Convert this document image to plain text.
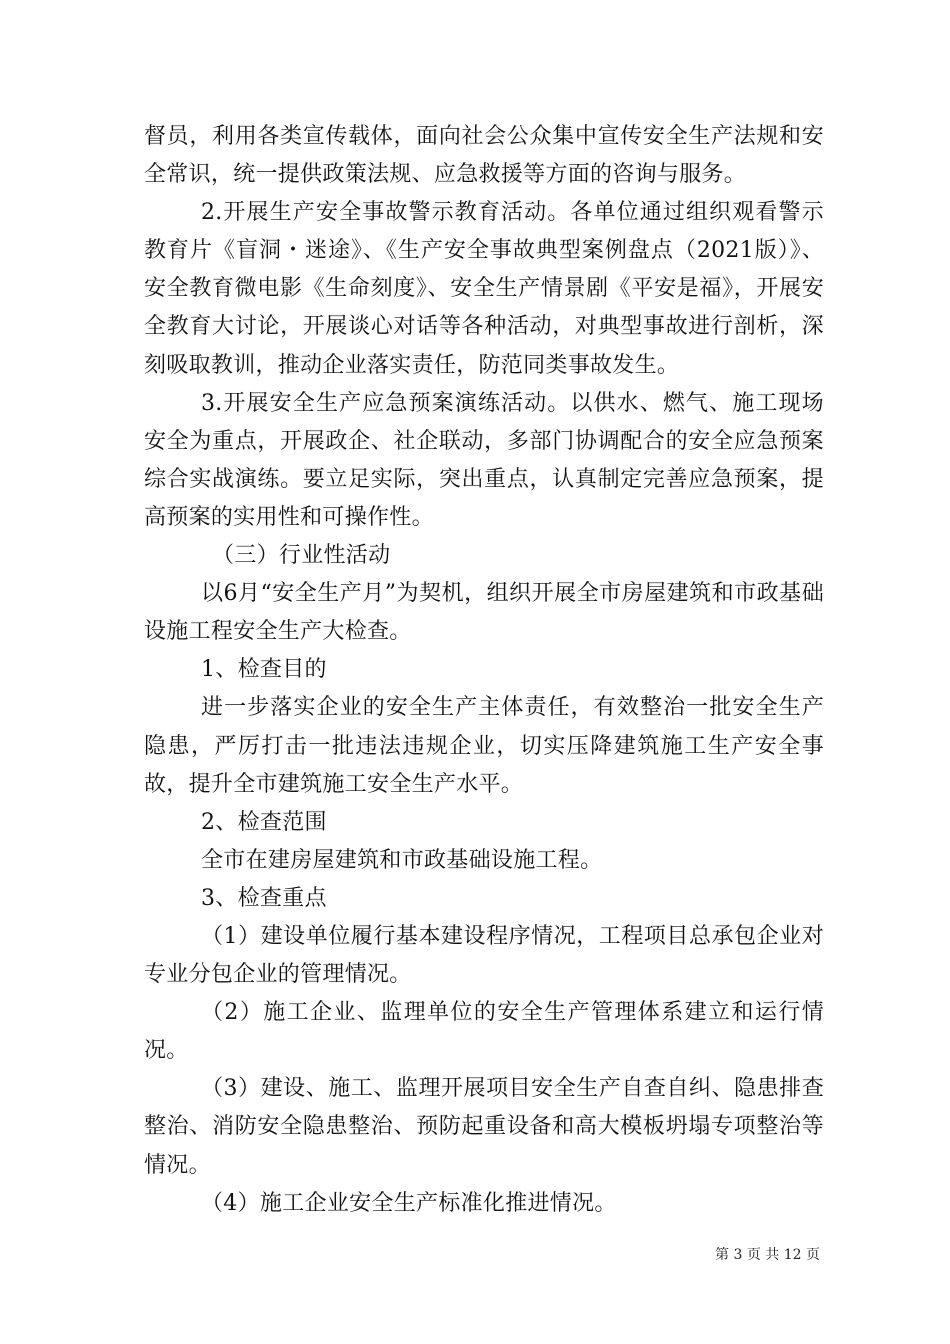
督员，利用各类宣传载体，面向社会公众集中宣传安全生产法规和安全常识，统一提供政策法规、应急救援等方面的咨询与服务。

2.开展生产安全事故警示教育活动。各单位通过组织观看警示教育片《盲洞・迷途》、《生产安全事故典型案例盘点（2021版）》、安全教育微电影《生命刻度》、安全生产情景剧《平安是福》，开展安全教育大讨论，开展谈心对话等各种活动，对典型事故进行剖析，深刻吸取教训，推动企业落实责任，防范同类事故发生。

3.开展安全生产应急预案演练活动。以供水、燃气、施工现场安全为重点，开展政企、社企联动，多部门协调配合的安全应急预案综合实战演练。要立足实际，突出重点，认真制定完善应急预案，提高预案的实用性和可操作性。

（三）行业性活动

以6月“安全生产月”为契机，组织开展全市房屋建筑和市政基础设施工程安全生产大检查。

1、检查目的

进一步落实企业的安全生产主体责任，有效整治一批安全生产隐患，严厉打击一批违法违规企业，切实压降建筑施工生产安全事故，提升全市建筑施工安全生产水平。

2、检查范围

全市在建房屋建筑和市政基础设施工程。

3、检查重点

（1）建设单位履行基本建设程序情况，工程项目总承包企业对专业分包企业的管理情况。

（2）施工企业、监理单位的安全生产管理体系建立和运行情况。

（3）建设、施工、监理开展项目安全生产自查自纠、隐患排查整治、消防安全隐患整治、预防起重设备和高大模板坍塌专项整治等情况。

（4）施工企业安全生产标准化推进情况。

第 3 页 共 12 页
